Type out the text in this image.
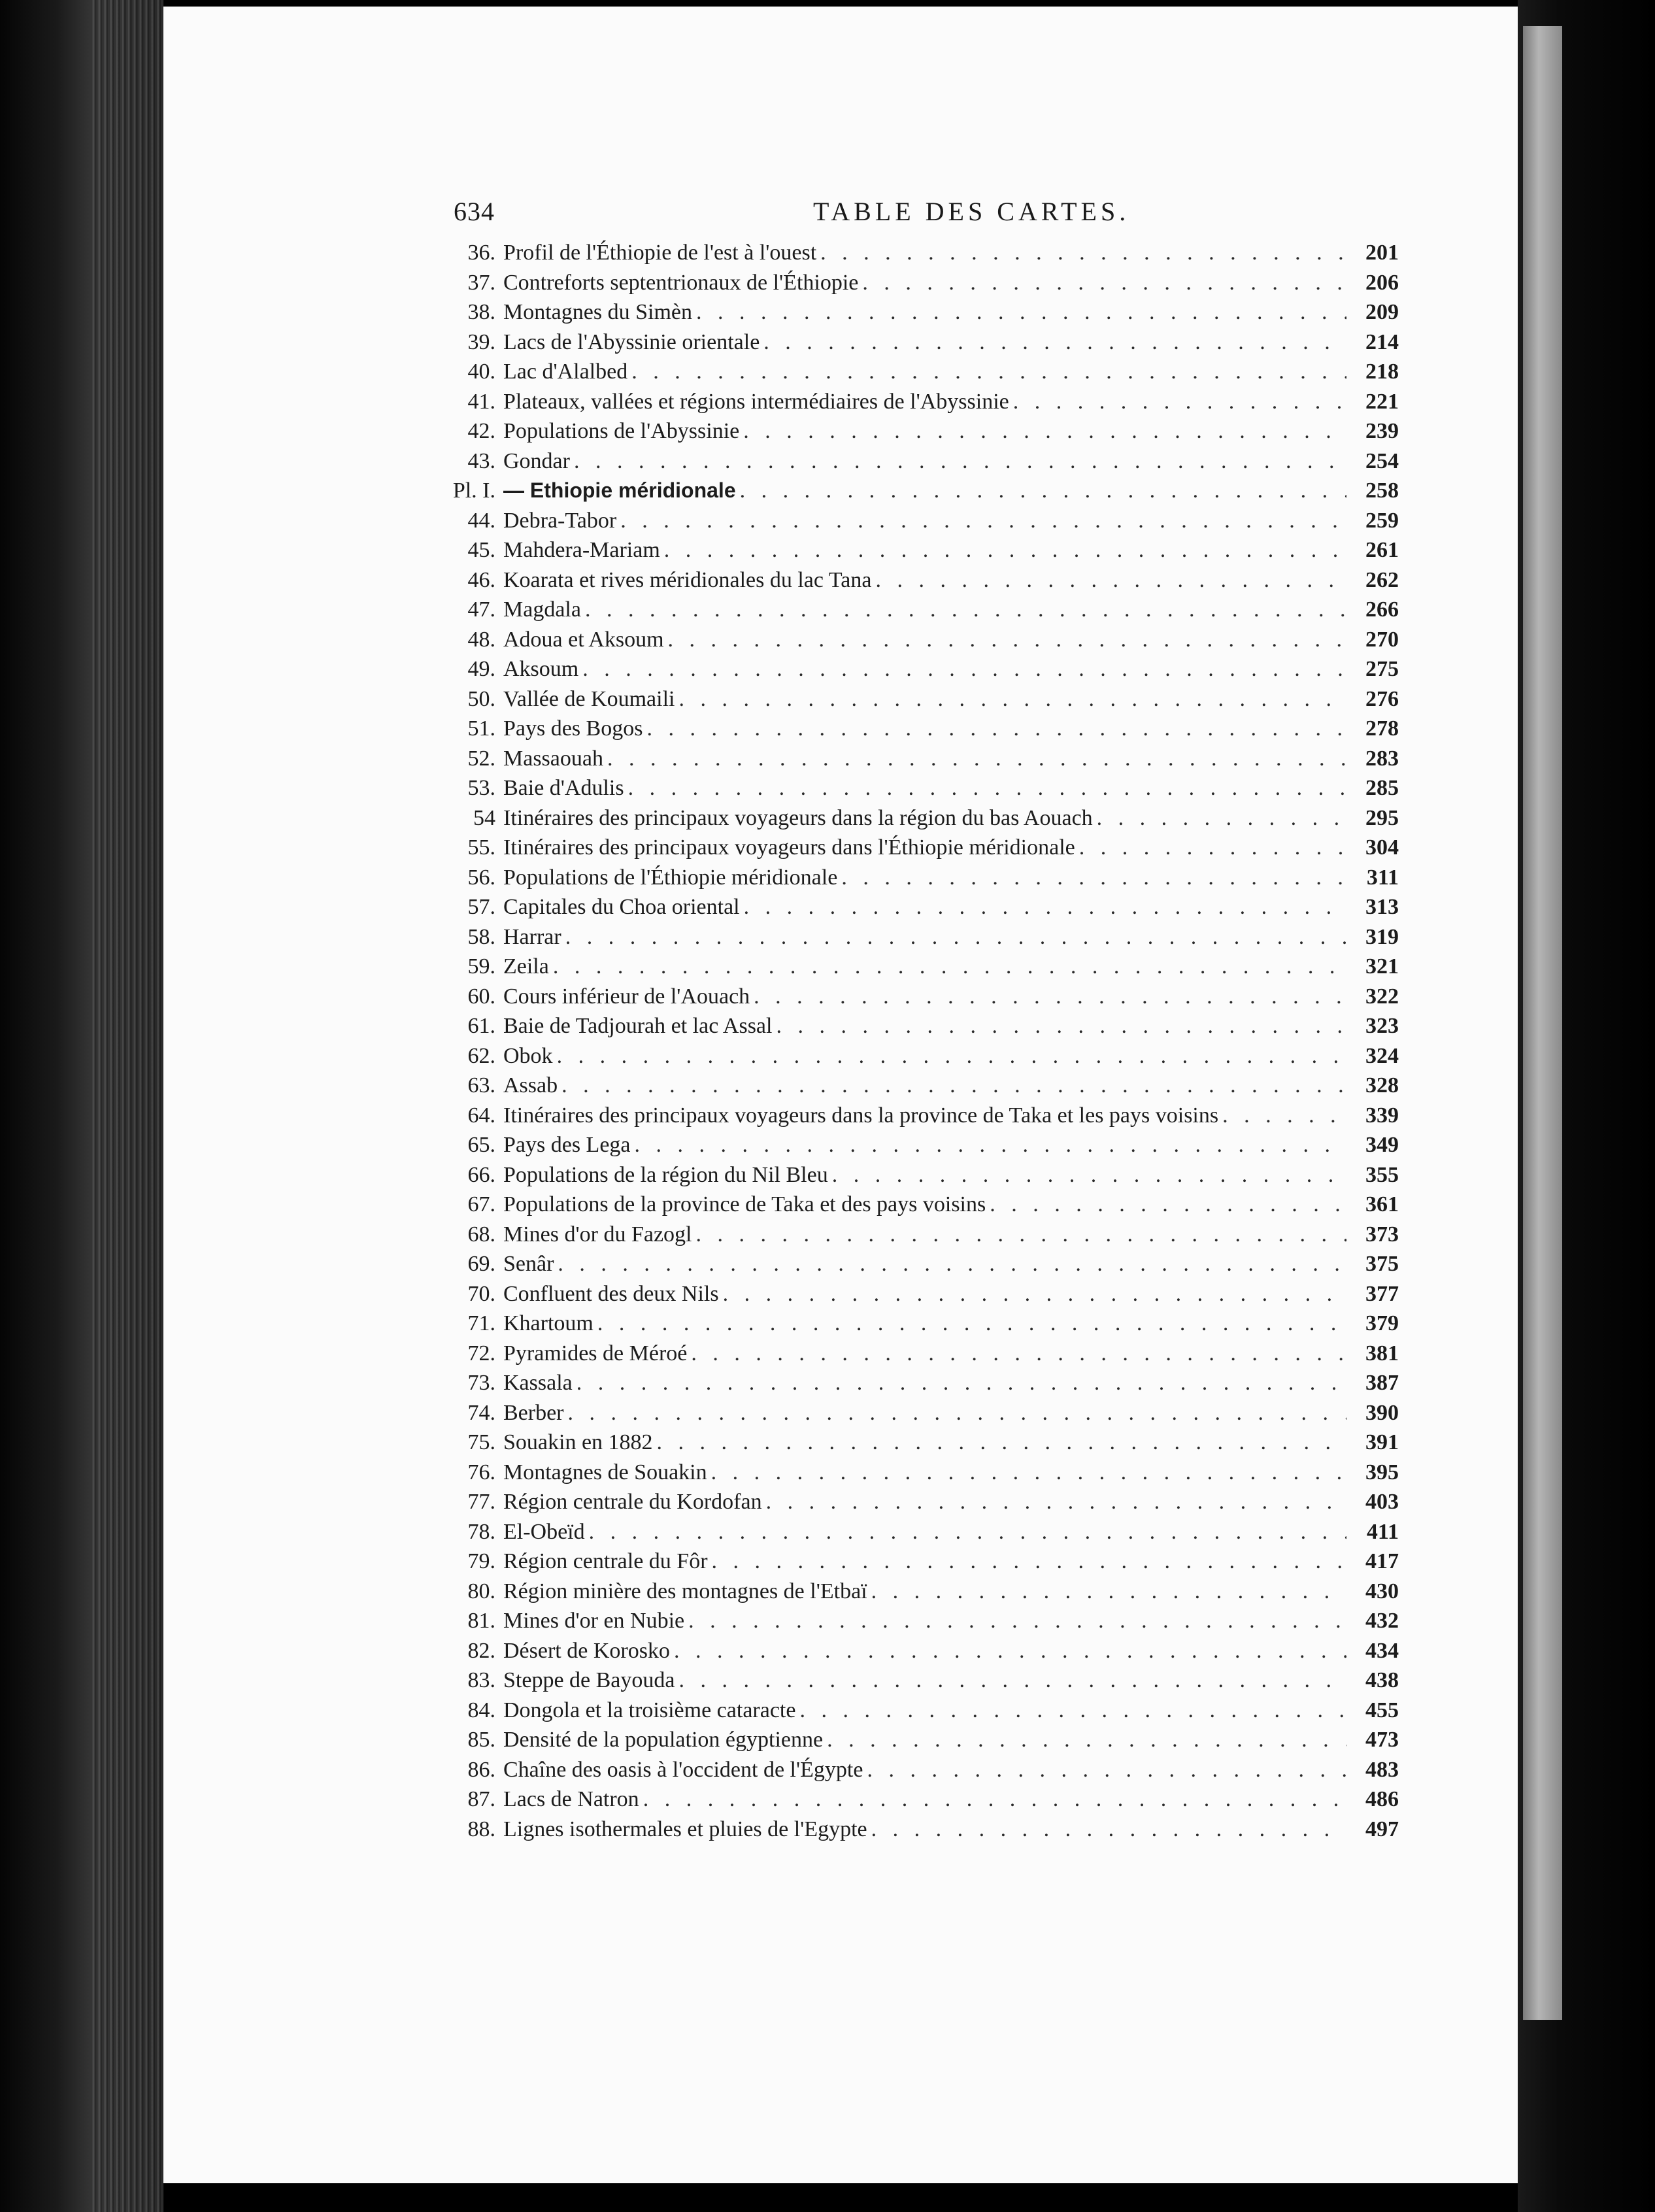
634	TABLE DES CARTES.
36. Profil de l'Éthiopie de l'est à l'ouest . . .	201
37. Contreforts septentrionaux de l'Éthiopie . . .	206
38. Montagnes du Simèn . . .	209
39. Lacs de l'Abyssinie orientale . . .	214
40. Lac d'Alalbed . . .	218
41. Plateaux, vallées et régions intermédiaires de l'Abyssinie . . .	221
42. Populations de l'Abyssinie . . .	239
43. Gondar . . .	254
Pl. I. — Ethiopie méridionale . . .	258
44. Debra-Tabor . . .	259
45. Mahdera-Mariam . . .	261
46. Koarata et rives méridionales du lac Tana . . .	262
47. Magdala . . .	266
48. Adoua et Aksoum . . .	270
49. Aksoum . . .	275
50. Vallée de Koumaili . . .	276
51. Pays des Bogos . . .	278
52. Massaouah . . .	283
53. Baie d'Adulis . . .	285
54 Itinéraires des principaux voyageurs dans la région du bas Aouach . . .	295
55. Itinéraires des principaux voyageurs dans l'Éthiopie méridionale . . .	304
56. Populations de l'Éthiopie méridionale . . .	311
57. Capitales du Choa oriental . . .	313
58. Harrar . . .	319
59. Zeila . . .	321
60. Cours inférieur de l'Aouach . . .	322
61. Baie de Tadjourah et lac Assal . . .	323
62. Obok . . .	324
63. Assab . . .	328
64. Itinéraires des principaux voyageurs dans la province de Taka et les pays voisins . . .	339
65. Pays des Lega . . .	349
66. Populations de la région du Nil Bleu . . .	355
67. Populations de la province de Taka et des pays voisins . . .	361
68. Mines d'or du Fazogl . . .	373
69. Senâr . . .	375
70. Confluent des deux Nils . . .	377
71. Khartoum . . .	379
72. Pyramides de Méroé . . .	381
73. Kassala . . .	387
74. Berber . . .	390
75. Souakin en 1882 . . .	391
76. Montagnes de Souakin . . .	395
77. Région centrale du Kordofan . . .	403
78. El-Obeïd . . .	411
79. Région centrale du Fôr . . .	417
80. Région minière des montagnes de l'Etbaï . . .	430
81. Mines d'or en Nubie . . .	432
82. Désert de Korosko . . .	434
83. Steppe de Bayouda . . .	438
84. Dongola et la troisième cataracte . . .	455
85. Densité de la population égyptienne . . .	473
86. Chaîne des oasis à l'occident de l'Égypte . . .	483
87. Lacs de Natron . . .	486
88. Lignes isothermales et pluies de l'Egypte . . .	497
